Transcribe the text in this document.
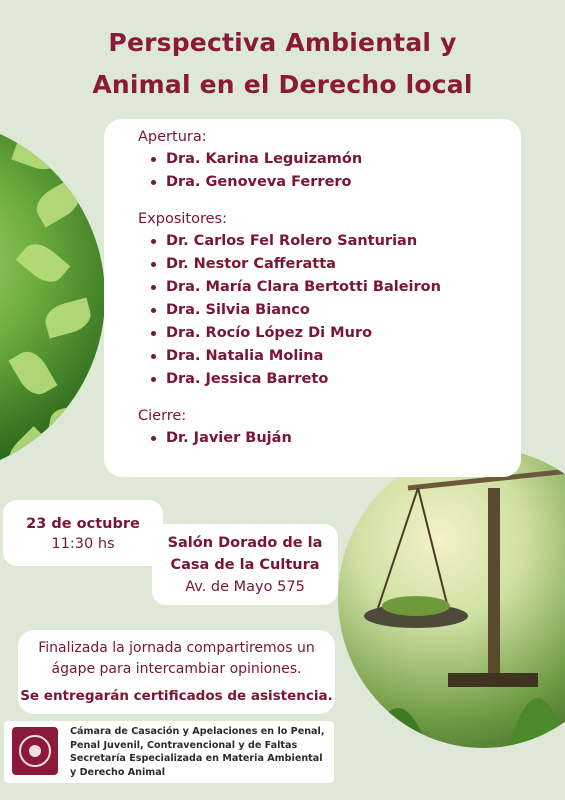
Perspectiva Ambiental y
Animal en el Derecho local
Apertura:
Dra. Karina Leguizamón
Dra. Genoveva Ferrero
Expositores:
Dr. Carlos Fel Rolero Santurian
Dr. Nestor Cafferatta
Dra. María Clara Bertotti Baleiron
Dra. Silvia Bianco
Dra. Rocío López Di Muro
Dra. Natalia Molina
Dra. Jessica Barreto
Cierre:
Dr. Javier Buján
23 de octubre
11:30 hs	Salón Dorado de la
Casa de la Cultura
Av. de Mayo 575
Finalizada la jornada compartiremos un
ágape para intercambiar opiniones.
Se entregarán certificados de asistencia.
Cámara de Casación y Apelaciones en lo Penal,
Penal Juvenil, Contravencional y de Faltas
Secretaría Especializada en Materia Ambiental
y Derecho Animal
